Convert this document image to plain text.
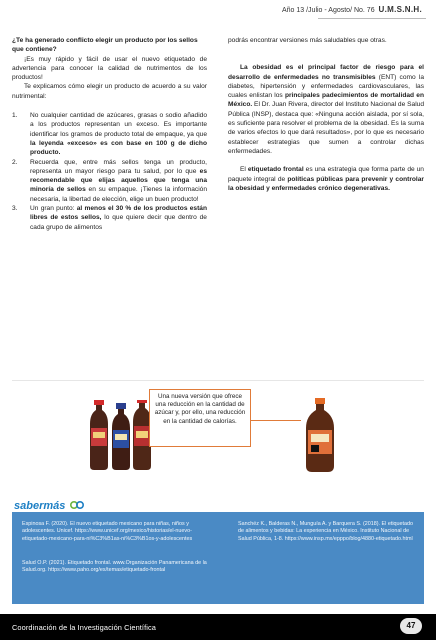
Año 13 /Julio - Agosto/ No. 76 U.M.S.N.H.

¿Te ha generado conflicto elegir un producto por los sellos que contiene?

¡Es muy rápido y fácil de usar el nuevo etiquetado de advertencia para conocer la calidad de nutrimentos de los productos!

Te explicamos cómo elegir un producto de acuerdo a su valor nutrimental:

1. No cualquier cantidad de azúcares, grasas o sodio añadido a los productos representan un exceso. Es importante identificar los gramos de producto total de empaque, ya que la leyenda «exceso» es con base en 100 g de dicho producto.
2. Recuerda que, entre más sellos tenga un producto, representa un mayor riesgo para tu salud, por lo que es recomendable que elijas aquellos que tenga una minoría de sellos en su empaque. ¡Tienes la información necesaria, la libertad de elección, elige un buen producto!
3. Un gran punto: al menos el 30 % de los productos están libres de estos sellos, lo que quiere decir que dentro de cada grupo de alimentos

podrás encontrar versiones más saludables que otras.

La obesidad es el principal factor de riesgo para el desarrollo de enfermedades no transmisibles (ENT) como la diabetes, hipertensión y enfermedades cardiovasculares, las cuales enlistan los principales padecimientos de mortalidad en México. El Dr. Juan Rivera, director del Instituto Nacional de Salud Pública (INSP), destaca que: «Ninguna acción aislada, por sí sola, es suficiente para resolver el problema de la obesidad. Es la suma de varios efectos lo que dará resultados», por lo que es necesario establecer estrategias que sumen a controlar dichas enfermedades.

El etiquetado frontal es una estrategia que forma parte de un paquete integral de políticas públicas para prevenir y controlar la obesidad y enfermedades crónico degenerativas.

Una nueva versión que ofrece una reducción en la cantidad de azúcar y, por ello, una reducción en la cantidad de calorías.
sabermás
Espinosa F. (2020). El nuevo etiquetado mexicano para niñas, niños y adolescentes. Unicef. https://www.unicef.org/mexico/historias/el-nuevo-etiquetado-mexicano-para-ni%C3%B1as-ni%C3%B1os-y-adolescentes
Salud O.P. (2021). Etiquetado frontal. www.Organización Panamericana de la Salud.org. https://www.paho.org/es/temas/etiquetado-frontal
Sanchéz K., Balderas N., Munguía A. y Barquera S. (2018). El etiquetado de alimentos y bebidas: La experiencia en México. Instituto Nacional de Salud Pública, 1-8. https://www.insp.mx/epppo/blog/4880-etiquetado.html
Coordinación de la Investigación Científica	47
